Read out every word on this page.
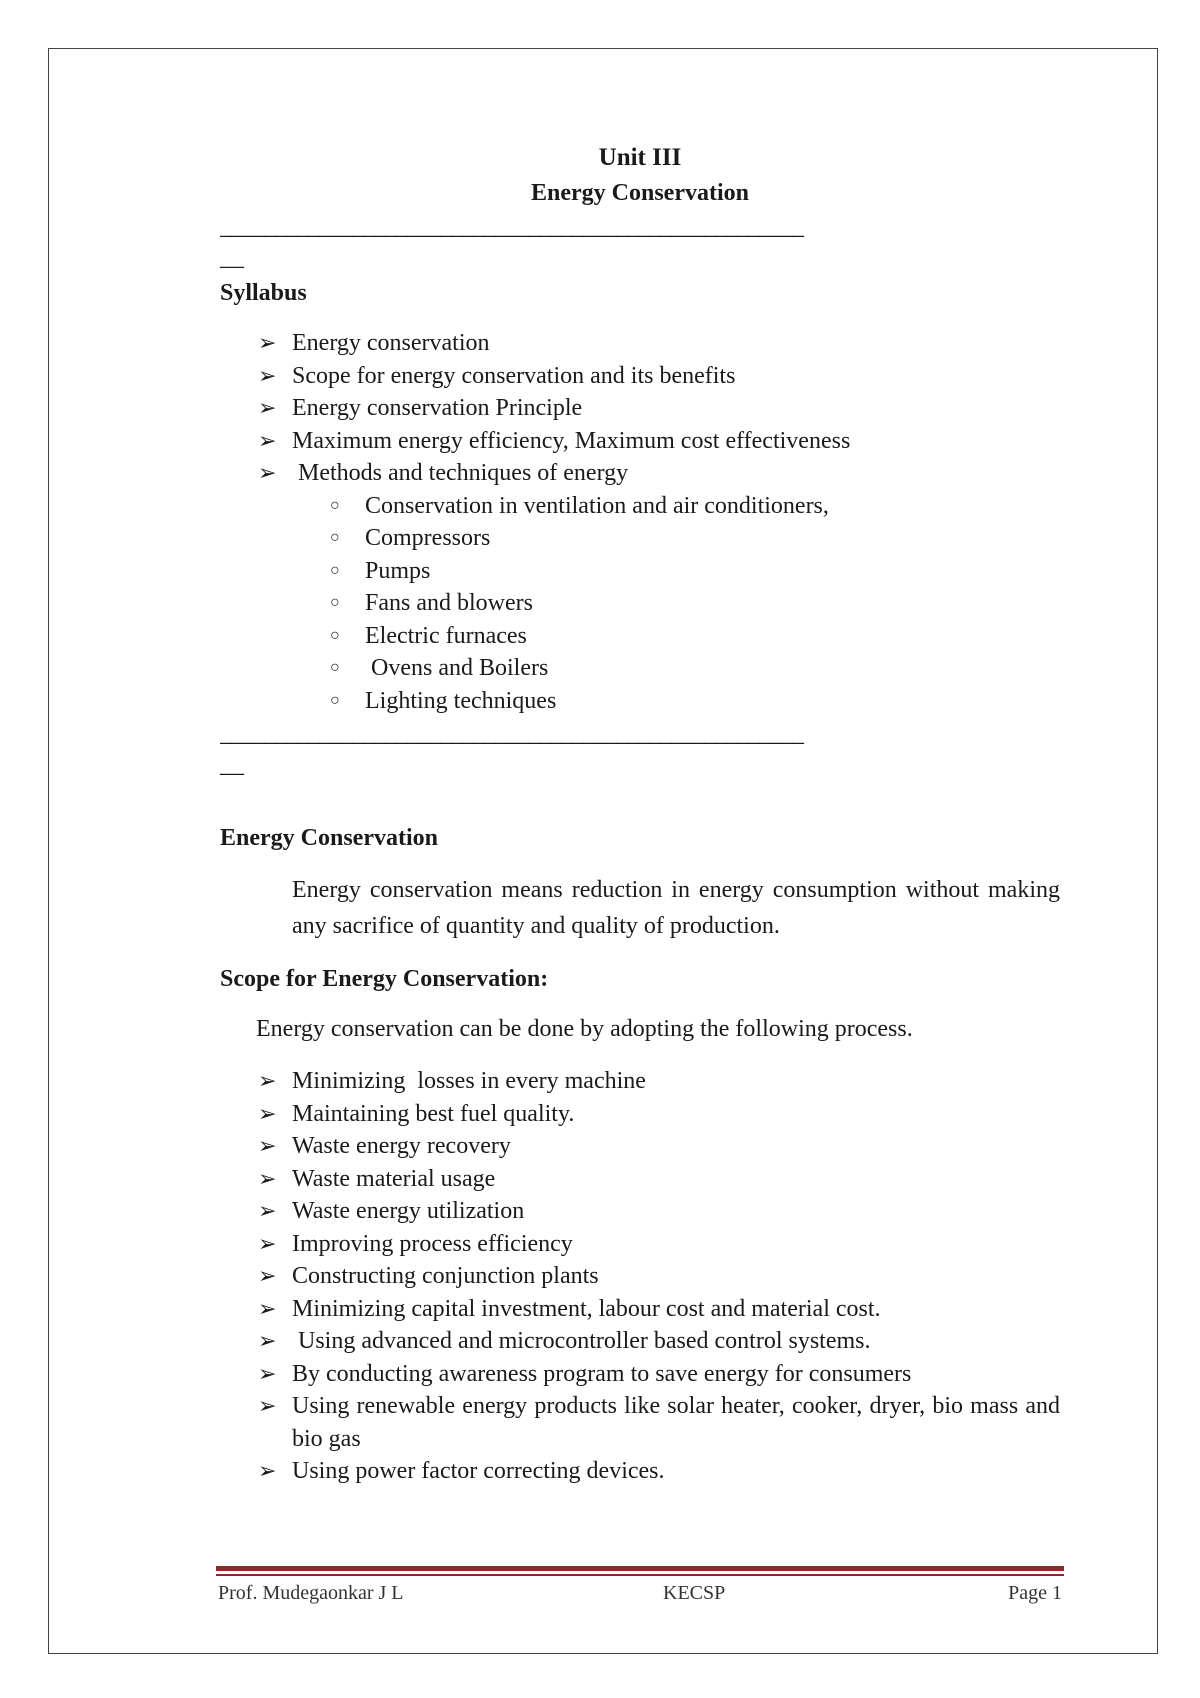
Unit III

Energy Conservation

_____________________________________________________
__

Syllabus

➢ Energy conservation
➢ Scope for energy conservation and its benefits
➢ Energy conservation Principle
➢ Maximum energy efficiency, Maximum cost effectiveness
➢ Methods and techniques of energy
○ Conservation in ventilation and air conditioners,
○ Compressors
○ Pumps
○ Fans and blowers
○ Electric furnaces
○ Ovens and Boilers
○ Lighting techniques
_____________________________________________________
__

Energy Conservation

Energy conservation means reduction in energy consumption without making any sacrifice of quantity and quality of production.

Scope for Energy Conservation:

Energy conservation can be done by adopting the following process.

➢ Minimizing  losses in every machine
➢ Maintaining best fuel quality.
➢ Waste energy recovery
➢ Waste material usage
➢ Waste energy utilization
➢ Improving process efficiency
➢ Constructing conjunction plants
➢ Minimizing capital investment, labour cost and material cost.
➢ Using advanced and microcontroller based control systems.
➢ By conducting awareness program to save energy for consumers
➢ Using renewable energy products like solar heater, cooker, dryer, bio mass and bio gas
➢ Using power factor correcting devices.
Prof. Mudegaonkar J L	KECSP	Page 1
